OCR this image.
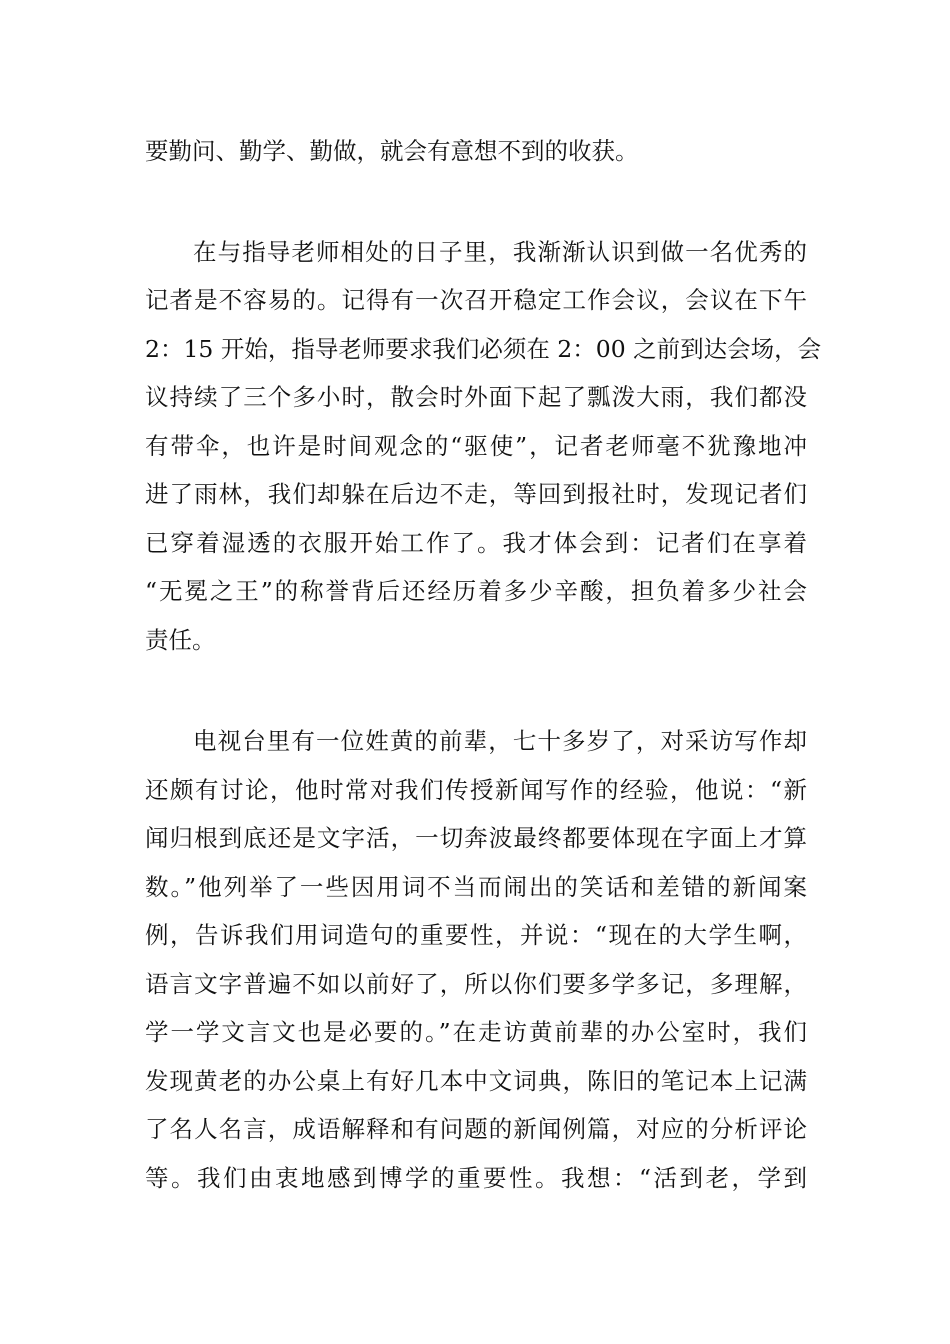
要勤问、勤学、勤做，就会有意想不到的收获。
在与指导老师相处的日子里，我渐渐认识到做一名优秀的
记者是不容易的。记得有一次召开稳定工作会议，会议在下午
2：15 开始，指导老师要求我们必须在 2：00 之前到达会场，会
议持续了三个多小时，散会时外面下起了瓢泼大雨，我们都没
有带伞，也许是时间观念的“驱使”，记者老师毫不犹豫地冲
进了雨林，我们却躲在后边不走，等回到报社时，发现记者们
已穿着湿透的衣服开始工作了。我才体会到：记者们在享着
“无冕之王”的称誉背后还经历着多少辛酸，担负着多少社会
责任。
电视台里有一位姓黄的前辈，七十多岁了，对采访写作却
还颇有讨论，他时常对我们传授新闻写作的经验，他说：“新
闻归根到底还是文字活，一切奔波最终都要体现在字面上才算
数。”他列举了一些因用词不当而闹出的笑话和差错的新闻案
例，告诉我们用词造句的重要性，并说：“现在的大学生啊，
语言文字普遍不如以前好了，所以你们要多学多记，多理解，
学一学文言文也是必要的。”在走访黄前辈的办公室时，我们
发现黄老的办公桌上有好几本中文词典，陈旧的笔记本上记满
了名人名言，成语解释和有问题的新闻例篇，对应的分析评论
等。我们由衷地感到博学的重要性。我想：“活到老，学到
